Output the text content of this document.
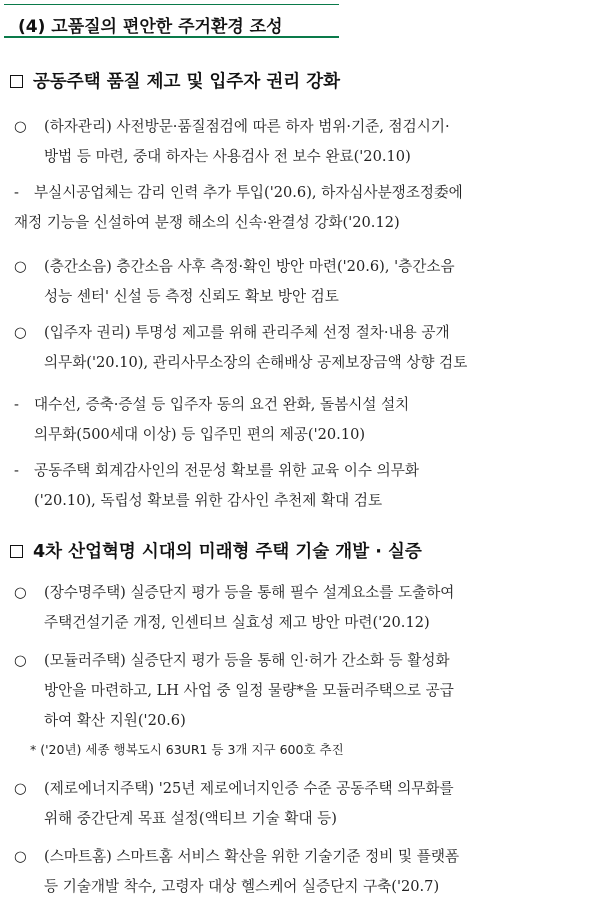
(4) 고품질의 편안한 주거환경 조성
공동주택 품질 제고 및 입주자 권리 강화
○ (하자관리) 사전방문·품질점검에 따른 하자 범위·기준, 점검시기·
방법 등 마련, 중대 하자는 사용검사 전 보수 완료('20.10)
- 부실시공업체는 감리 인력 추가 투입('20.6), 하자심사분쟁조정委에
재정 기능을 신설하여 분쟁 해소의 신속·완결성 강화('20.12)
○ (층간소음) 층간소음 사후 측정·확인 방안 마련('20.6), '층간소음
성능 센터' 신설 등 측정 신뢰도 확보 방안 검토
○ (입주자 권리) 투명성 제고를 위해 관리주체 선정 절차·내용 공개
의무화('20.10), 관리사무소장의 손해배상 공제보장금액 상향 검토
- 대수선, 증축·증설 등 입주자 동의 요건 완화, 돌봄시설 설치
의무화(500세대 이상) 등 입주민 편의 제공('20.10)
- 공동주택 회계감사인의 전문성 확보를 위한 교육 이수 의무화
('20.10), 독립성 확보를 위한 감사인 추천제 확대 검토
4차 산업혁명 시대의 미래형 주택 기술 개발 · 실증
○ (장수명주택) 실증단지 평가 등을 통해 필수 설계요소를 도출하여
주택건설기준 개정, 인센티브 실효성 제고 방안 마련('20.12)
○ (모듈러주택) 실증단지 평가 등을 통해 인·허가 간소화 등 활성화
방안을 마련하고, LH 사업 중 일정 물량*을 모듈러주택으로 공급
하여 확산 지원('20.6)
* ('20년) 세종 행복도시 63UR1 등 3개 지구 600호 추진
○ (제로에너지주택) '25년 제로에너지인증 수준 공동주택 의무화를
위해 중간단계 목표 설정(액티브 기술 확대 등)
○ (스마트홈) 스마트홈 서비스 확산을 위한 기술기준 정비 및 플랫폼
등 기술개발 착수, 고령자 대상 헬스케어 실증단지 구축('20.7)
